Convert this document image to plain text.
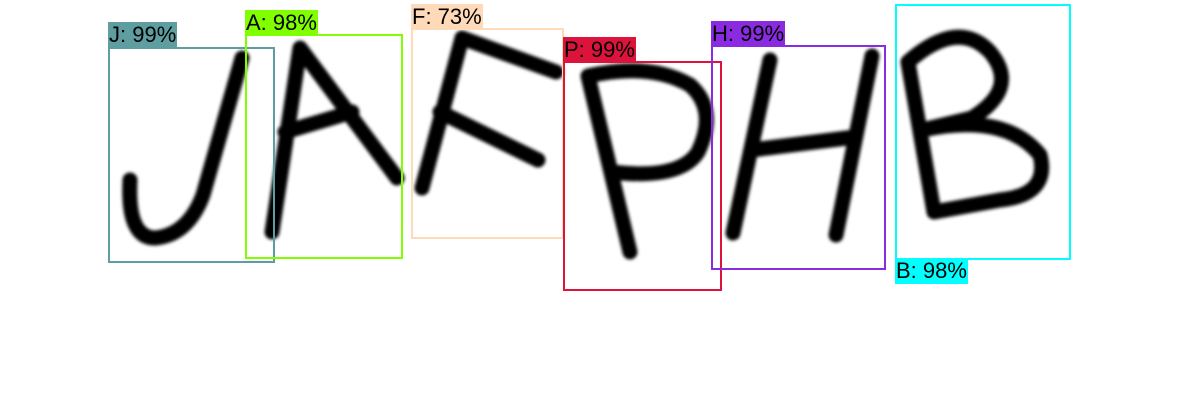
J: 99%	A: 98%	F: 73%
P: 99%
H: 99%
B: 98%
